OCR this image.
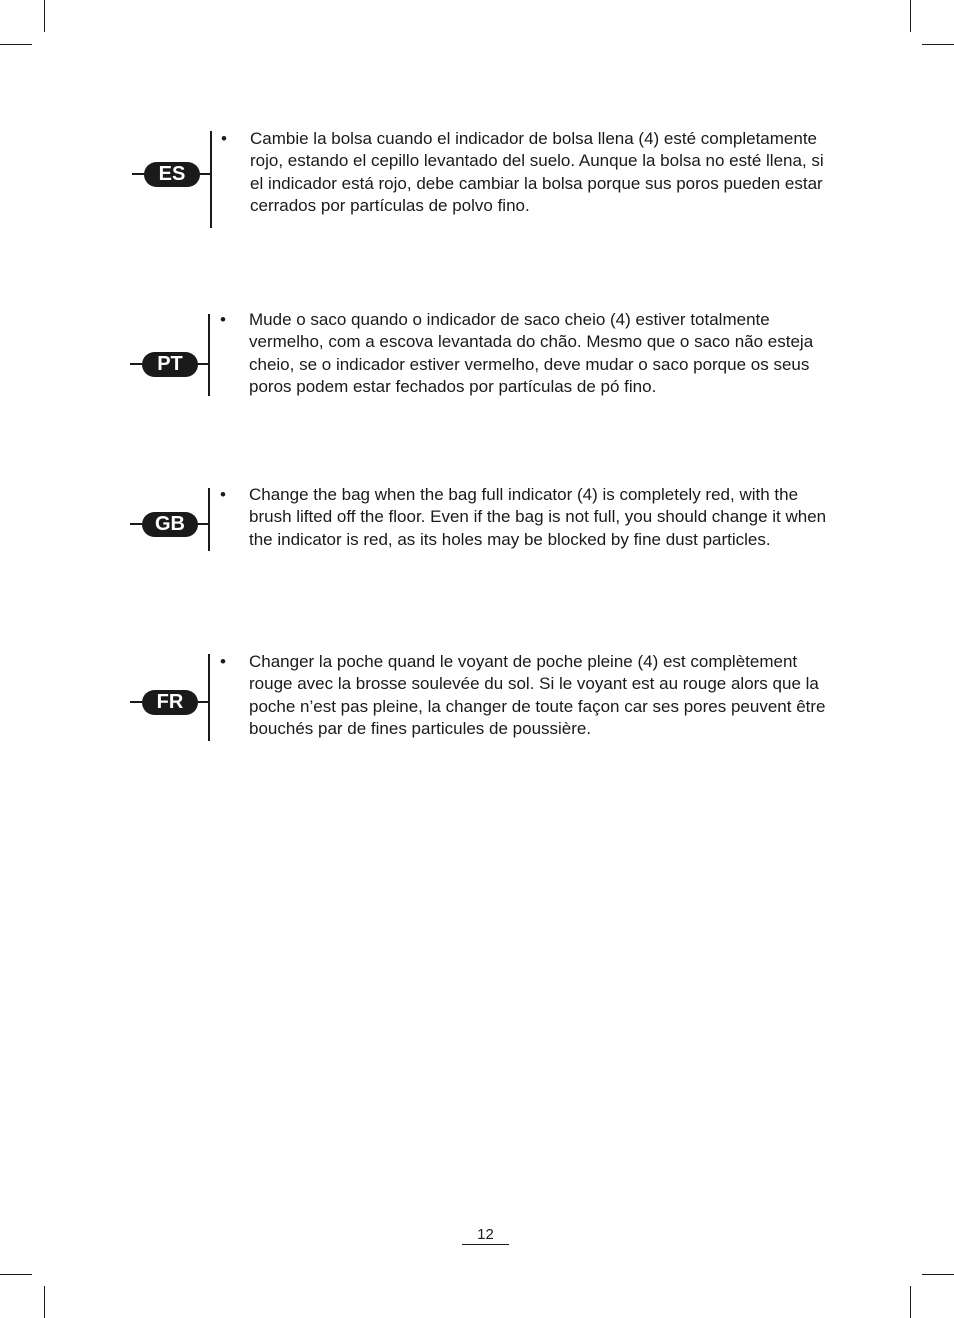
ES
• Cambie la bolsa cuando el indicador de bolsa llena (4) esté completamente rojo, estando el cepillo levantado del suelo. Aunque la bolsa no esté llena, si el indicador está rojo, debe cambiar la bolsa porque sus poros pueden estar cerrados por partículas de polvo fino.

PT
• Mude o saco quando o indicador de saco cheio (4) estiver totalmente vermelho, com a escova levantada do chão. Mesmo que o saco não esteja cheio, se o indicador estiver vermelho, deve mudar o saco porque os seus poros podem estar fechados por partículas de pó fino.

GB
• Change the bag when the bag full indicator (4) is completely red, with the brush lifted off the floor. Even if the bag is not full, you should change it when the indicator is red, as its holes may be blocked by fine dust particles.

FR
• Changer la poche quand le voyant de poche pleine (4) est complètement rouge avec la brosse soulevée du sol. Si le voyant est au rouge alors que la poche n’est pas pleine, la changer de toute façon car ses pores peuvent être bouchés par de fines particules de poussière.

12
